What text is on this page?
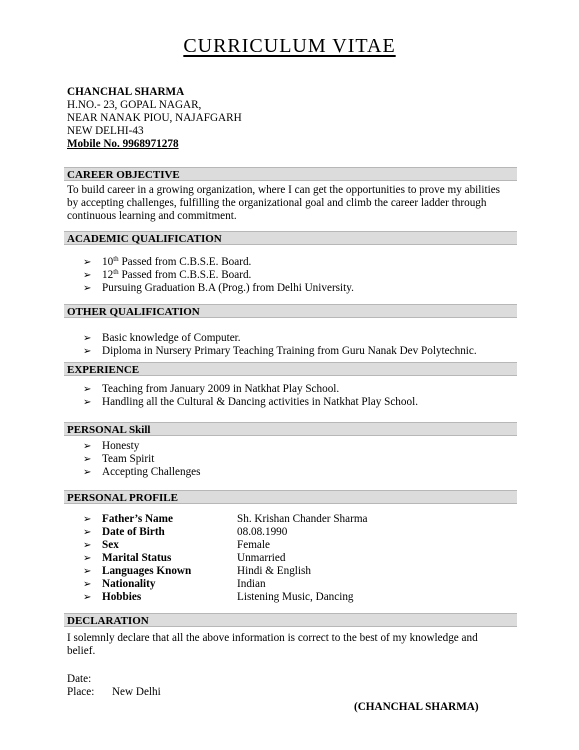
CURRICULUM VITAE
CHANCHAL SHARMA
H.NO.- 23, GOPAL NAGAR,
NEAR NANAK PIOU, NAJAFGARH
NEW DELHI-43
Mobile No. 9968971278
CAREER OBJECTIVE
To build career in a growing organization, where I can get the opportunities to prove my abilities
by accepting challenges, fulfilling the organizational goal and climb the career ladder through
continuous learning and commitment.
ACADEMIC QUALIFICATION
➢ 10th Passed from C.B.S.E. Board.
➢ 12th Passed from C.B.S.E. Board.
➢ Pursuing Graduation B.A (Prog.) from Delhi University.
OTHER QUALIFICATION
➢ Basic knowledge of Computer.
➢ Diploma in Nursery Primary Teaching Training from Guru Nanak Dev Polytechnic.
EXPERIENCE
➢ Teaching from January 2009 in Natkhat Play School.
➢ Handling all the Cultural & Dancing activities in Natkhat Play School.
PERSONAL Skill
➢ Honesty
➢ Team Spirit
➢ Accepting Challenges
PERSONAL PROFILE
➢ Father’s Name	Sh. Krishan Chander Sharma
➢ Date of Birth	08.08.1990
➢ Sex	Female
➢ Marital Status	Unmarried
➢ Languages Known	Hindi & English
➢ Nationality	Indian
➢ Hobbies	Listening Music, Dancing
DECLARATION
I solemnly declare that all the above information is correct to the best of my knowledge and
belief.
Date:
Place: New Delhi
(CHANCHAL SHARMA)
